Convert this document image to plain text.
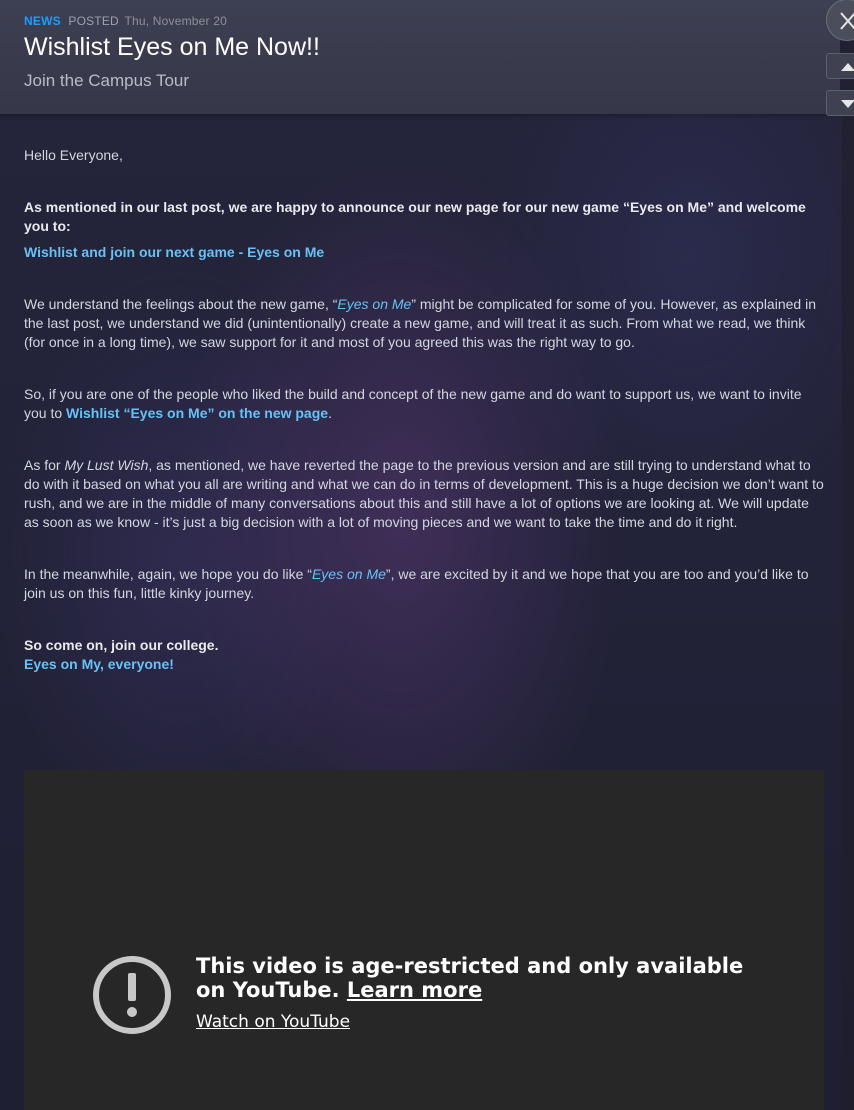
NEWS POSTED Thu, November 20
Wishlist Eyes on Me Now!!
Join the Campus Tour

Hello Everyone,

As mentioned in our last post, we are happy to announce our new page for our new game “Eyes on Me” and welcome you to:

Wishlist and join our next game - Eyes on Me

We understand the feelings about the new game, “Eyes on Me” might be complicated for some of you. However, as explained in the last post, we understand we did (unintentionally) create a new game, and will treat it as such. From what we read, we think (for once in a long time), we saw support for it and most of you agreed this was the right way to go.

So, if you are one of the people who liked the build and concept of the new game and do want to support us, we want to invite you to Wishlist “Eyes on Me” on the new page.

As for My Lust Wish, as mentioned, we have reverted the page to the previous version and are still trying to understand what to do with it based on what you all are writing and what we can do in terms of development. This is a huge decision we don’t want to rush, and we are in the middle of many conversations about this and still have a lot of options we are looking at. We will update as soon as we know - it’s just a big decision with a lot of moving pieces and we want to take the time and do it right.

In the meanwhile, again, we hope you do like “Eyes on Me”, we are excited by it and we hope that you are too and you’d like to join us on this fun, little kinky journey.

So come on, join our college.
Eyes on My, everyone!

This video is age-restricted and only available on YouTube. Learn more
Watch on YouTube
